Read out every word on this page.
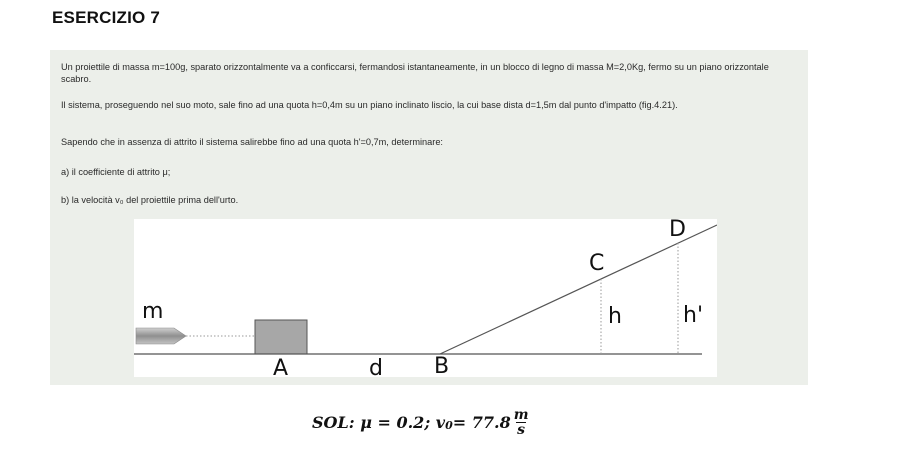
ESERCIZIO 7
Un proiettile di massa m=100g, sparato orizzontalmente va a conficcarsi, fermandosi istantaneamente, in un blocco di legno di massa M=2,0Kg, fermo su un piano orizzontale scabro.
Il sistema, proseguendo nel suo moto, sale fino ad una quota h=0,4m su un piano inclinato liscio, la cui base dista d=1,5m dal punto d'impatto (fig.4.21).
Sapendo che in assenza di attrito il sistema salirebbe fino ad una quota h'=0,7m, determinare:
a) il coefficiente di attrito μ;
b) la velocità v₀ del proiettile prima dell'urto.
m
A	d B
C
D
h	h'
SOL: μ = 0.2; $v_0 = 77.8 \frac{m}{s}$
